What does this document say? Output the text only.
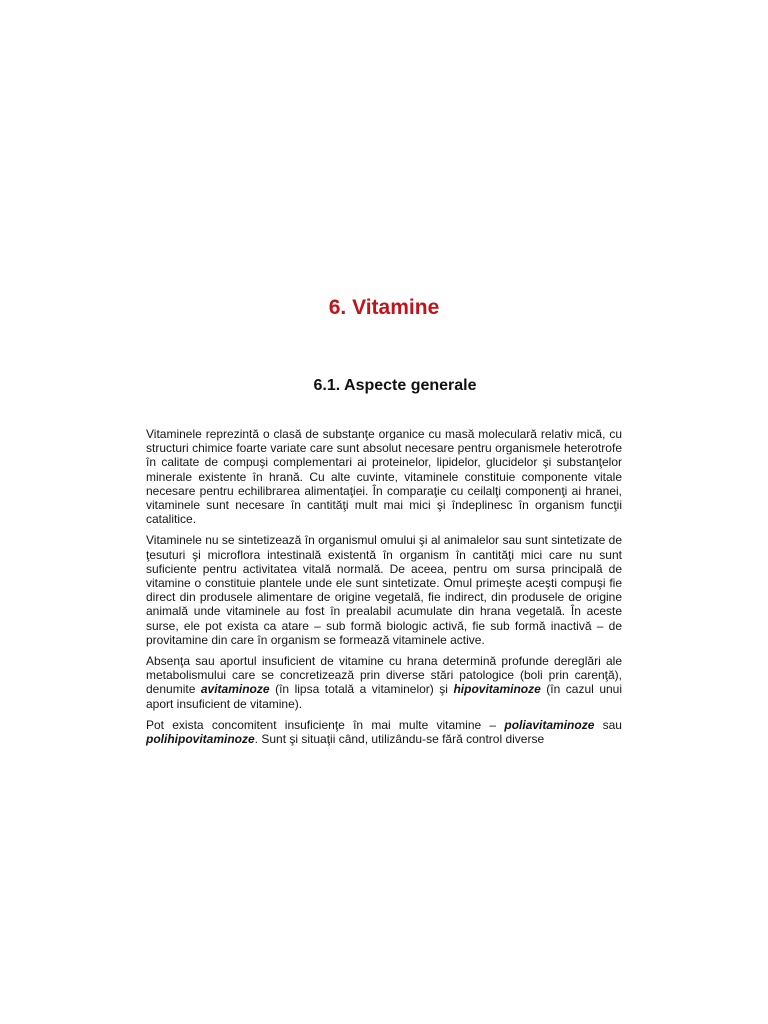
6. Vitamine
6.1. Aspecte generale

Vitaminele reprezintă o clasă de substanţe organice cu masă moleculară relativ mică, cu structuri chimice foarte variate care sunt absolut necesare pentru organismele heterotrofe în calitate de compuşi complementari ai proteinelor, lipidelor, glucidelor şi substanţelor minerale existente în hrană. Cu alte cuvinte, vitaminele constituie componente vitale necesare pentru echilibrarea alimentaţiei. În comparaţie cu ceilalţi componenţi ai hranei, vitaminele sunt necesare în cantităţi mult mai mici şi îndeplinesc în organism funcţii catalitice.

Vitaminele nu se sintetizează în organismul omului şi al animalelor sau sunt sintetizate de ţesuturi şi microflora intestinală existentă în organism în cantităţi mici care nu sunt suficiente pentru activitatea vitală normală. De aceea, pentru om sursa principală de vitamine o constituie plantele unde ele sunt sintetizate. Omul primeşte aceşti compuşi fie direct din produsele alimentare de origine vegetală, fie indirect, din produsele de origine animală unde vitaminele au fost în prealabil acumulate din hrana vegetală. În aceste surse, ele pot exista ca atare – sub formă biologic activă, fie sub formă inactivă – de provitamine din care în organism se formează vitaminele active.

Absenţa sau aportul insuficient de vitamine cu hrana determină profunde dereglări ale metabolismului care se concretizează prin diverse stări patologice (boli prin carenţă), denumite avitaminoze (în lipsa totală a vitaminelor) şi hipovitaminoze (în cazul unui aport insuficient de vitamine).

Pot exista concomitent insuficienţe în mai multe vitamine – poliavitaminoze sau polihipovitaminoze. Sunt şi situaţii când, utilizându-se fără control diverse
